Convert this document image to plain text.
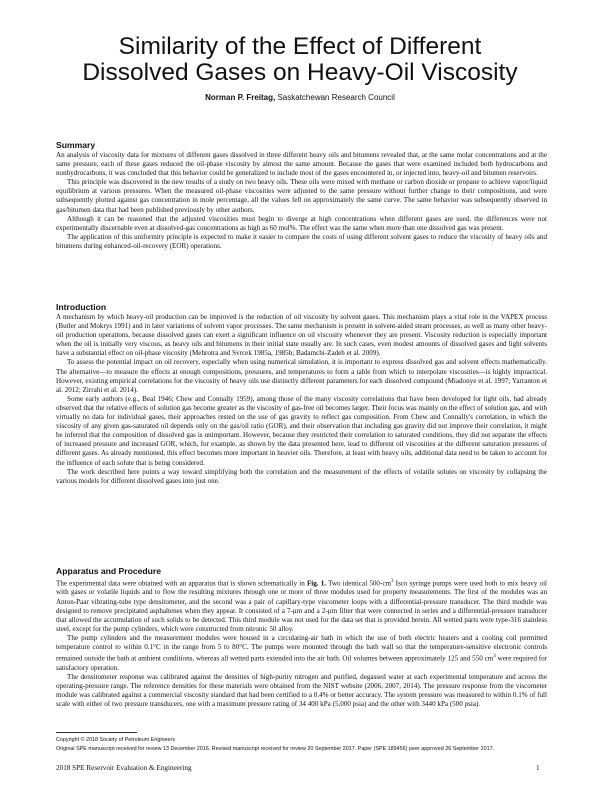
Similarity of the Effect of Different
Dissolved Gases on Heavy-Oil Viscosity
Norman P. Freitag, Saskatchewan Research Council
Summary

An analysis of viscosity data for mixtures of different gases dissolved in three different heavy oils and bitumens revealed that, at the same molar concentrations and at the same pressure, each of these gases reduced the oil-phase viscosity by almost the same amount. Because the gases that were examined included both hydrocarbons and nonhydrocarbons, it was concluded that this behavior could be generalized to include most of the gases encountered in, or injected into, heavy-oil and bitumen reservoirs.

This principle was discovered in the new results of a study on two heavy oils. These oils were mixed with methane or carbon dioxide or propane to achieve vapor/liquid equilibrium at various pressures. When the measured oil-phase viscosities were adjusted to the same pressure without further change to their compositions, and were subsequently plotted against gas concentration in mole percentage, all the values fell on approximately the same curve. The same behavior was subsequently observed in gas/bitumen data that had been published previously by other authors.

Although it can be reasoned that the adjusted viscosities must begin to diverge at high concentrations when different gases are used, the differences were not experimentally discernable even at dissolved-gas concentrations as high as 60 mol%. The effect was the same when more than one dissolved gas was present.

The application of this uniformity principle is expected to make it easier to compare the costs of using different solvent gases to reduce the viscosity of heavy oils and bitumens during enhanced-oil-recovery (EOR) operations.

Introduction

A mechanism by which heavy-oil production can be improved is the reduction of oil viscosity by solvent gases. This mechanism plays a vital role in the VAPEX process (Butler and Mokrys 1991) and in later variations of solvent vapor processes. The same mechanism is present in solvent-aided steam processes, as well as many other heavy-oil production operations, because dissolved gases can exert a significant influence on oil viscosity whenever they are present. Viscosity reduction is especially important when the oil is initially very viscous, as heavy oils and bitumens in their initial state usually are. In such cases, even modest amounts of dissolved gases and light solvents have a substantial effect on oil-phase viscosity (Mehrotra and Svrcek 1985a, 1985b; Badamchi-Zadeh et al. 2009).

To assess the potential impact on oil recovery, especially when using numerical simulation, it is important to express dissolved gas and solvent effects mathematically. The alternative—to measure the effects at enough compositions, pressures, and temperatures to form a table from which to interpolate viscosities—is highly impractical. However, existing empirical correlations for the viscosity of heavy oils use distinctly different parameters for each dissolved compound (Miadonye et al. 1997; Yarranton et al. 2012; Zirrahi et al. 2014).

Some early authors (e.g., Beal 1946; Chew and Connally 1959), among those of the many viscosity correlations that have been developed for light oils, had already observed that the relative effects of solution gas become greater as the viscosity of gas-free oil becomes larger. Their focus was mainly on the effect of solution gas, and with virtually no data for individual gases, their approaches rested on the use of gas gravity to reflect gas composition. From Chew and Connally's correlation, in which the viscosity of any given gas-saturated oil depends only on the gas/oil ratio (GOR), and their observation that including gas gravity did not improve their correlation, it might be inferred that the composition of dissolved gas is unimportant. However, because they restricted their correlation to saturated conditions, they did not separate the effects of increased pressure and increased GOR, which, for example, as shown by the data presented here, lead to different oil viscosities at the different saturation pressures of different gases. As already mentioned, this effect becomes more important in heavier oils. Therefore, at least with heavy oils, additional data need to be taken to account for the influence of each solute that is being considered.

The work described here points a way toward simplifying both the correlation and the measurement of the effects of volatile solutes on viscosity by collapsing the various models for different dissolved gases into just one.

Apparatus and Procedure

The experimental data were obtained with an apparatus that is shown schematically in Fig. 1. Two identical $500-cm^3$ Isco syringe pumps were used both to mix heavy oil with gases or volatile liquids and to flow the resulting mixtures through one or more of three modules used for property measurements. The first of the modules was an Anton-Paar vibrating-tube type densitometer, and the second was a pair of capillary-type viscometer loops with a differential-pressure transducer. The third module was designed to remove precipitated asphaltenes when they appear. It consisted of a 7-μm and a 2-μm filter that were connected in series and a differential-pressure transducer that allowed the accumulation of such solids to be detected. This third module was not used for the data set that is provided herein. All wetted parts were type-316 stainless steel, except for the pump cylinders, which were constructed from nitronic 50 alloy.

The pump cylinders and the measurement modules were housed in a circulating-air bath in which the use of both electric heaters and a cooling coil permitted temperature control to within 0.1°C in the range from 5 to 80°C. The pumps were mounted through the bath wall so that the temperature-sensitive electronic controls remained outside the bath at ambient conditions, whereas all wetted parts extended into the air bath. Oil volumes between approximately 125 and 550 $cm^3$ were required for satisfactory operation.

The densitometer response was calibrated against the densities of high-purity nitrogen and purified, degassed water at each experimental temperature and across the operating-pressure range. The reference densities for these materials were obtained from the NIST website (2006, 2007, 2014). The pressure response from the viscometer module was calibrated against a commercial viscosity standard that had been certified to a 0.4% or better accuracy. The system pressure was measured to within 0.1% of full scale with either of two pressure transducers, one with a maximum pressure rating of 34 400 kPa (5,000 psia) and the other with 3440 kPa (500 psia).

Copyright © 2018 Society of Petroleum Engineers
Original SPE manuscript received for review 13 December 2016. Revised manuscript received for review 20 September 2017. Paper (SPE 189456) peer approved 26 September 2017.
2018 SPE Reservoir Evaluation & Engineering	1
